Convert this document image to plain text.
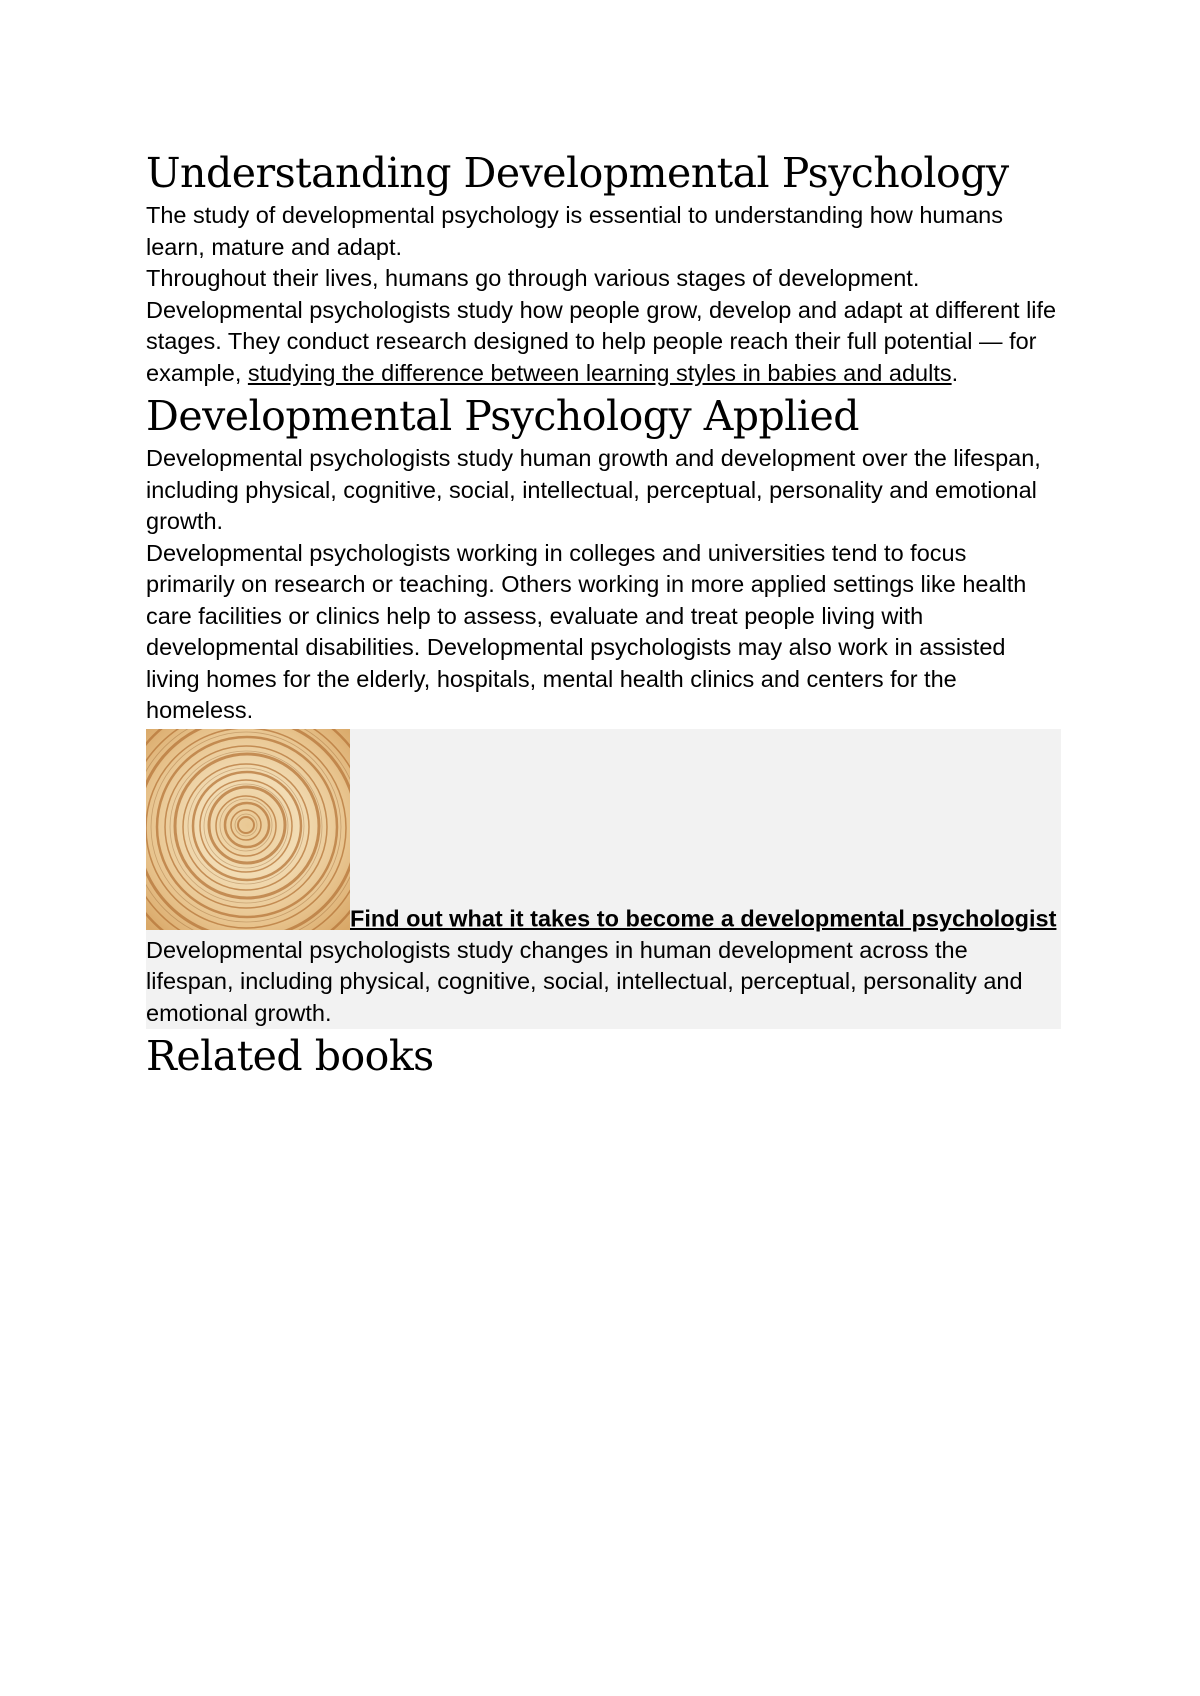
Understanding Developmental Psychology

The study of developmental psychology is essential to understanding how humans learn, mature and adapt.

Throughout their lives, humans go through various stages of development. Developmental psychologists study how people grow, develop and adapt at different life stages. They conduct research designed to help people reach their full potential — for example, studying the difference between learning styles in babies and adults.

Developmental Psychology Applied

Developmental psychologists study human growth and development over the lifespan, including physical, cognitive, social, intellectual, perceptual, personality and emotional growth.

Developmental psychologists working in colleges and universities tend to focus primarily on research or teaching. Others working in more applied settings like health care facilities or clinics help to assess, evaluate and treat people living with developmental disabilities. Developmental psychologists may also work in assisted living homes for the elderly, hospitals, mental health clinics and centers for the homeless.

Find out what it takes to become a developmental psychologist

Developmental psychologists study changes in human development across the lifespan, including physical, cognitive, social, intellectual, perceptual, personality and emotional growth.

Related books
